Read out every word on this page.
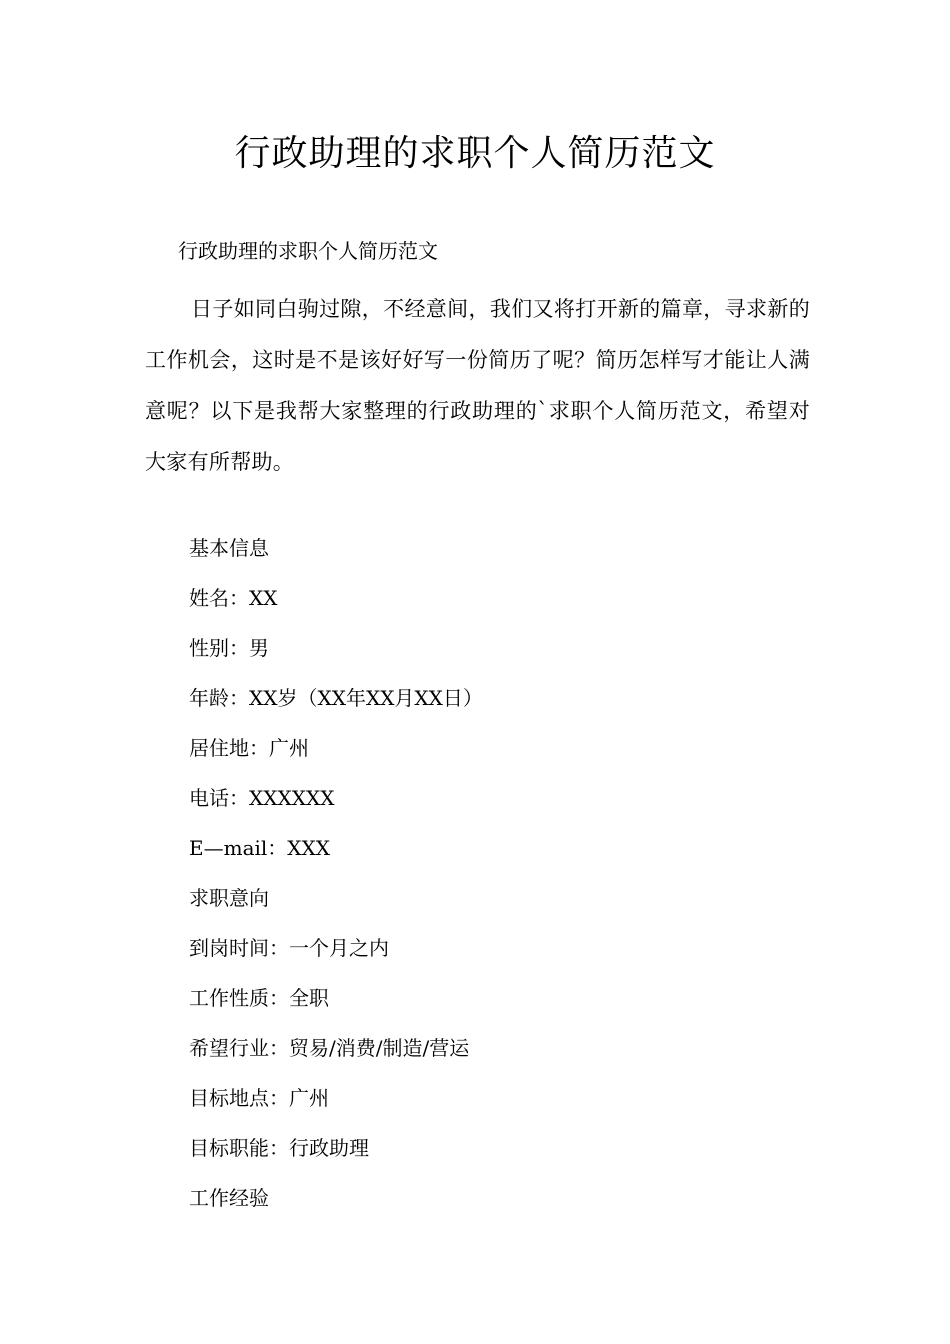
行政助理的求职个人简历范文

行政助理的求职个人简历范文

日子如同白驹过隙，不经意间，我们又将打开新的篇章，寻求新的工作机会，这时是不是该好好写一份简历了呢？简历怎样写才能让人满意呢？以下是我帮大家整理的行政助理的`求职个人简历范文，希望对大家有所帮助。

基本信息
姓名：XX
性别：男
年龄：XX岁（XX年XX月XX日）
居住地：广州
电话：XXXXXX
E—mail：XXX
求职意向
到岗时间：一个月之内
工作性质：全职
希望行业：贸易/消费/制造/营运
目标地点：广州
目标职能：行政助理
工作经验
